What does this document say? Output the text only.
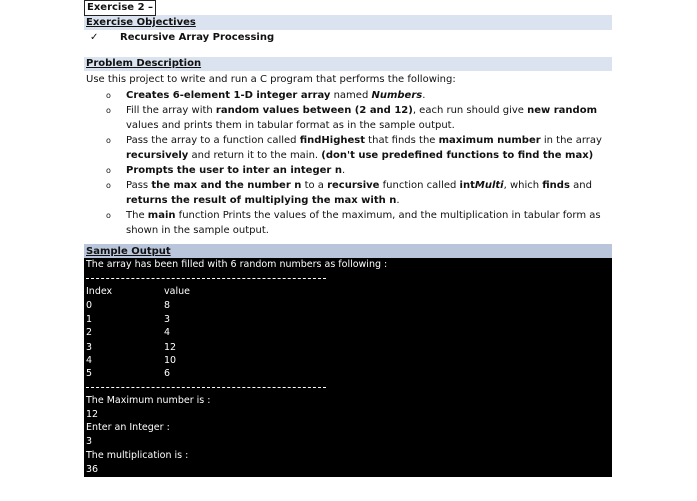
Exercise 2 –
Exercise Objectives
✓ Recursive Array Processing
Problem Description
Use this project to write and run a C program that performs the following:
o	Creates 6-element 1-D integer array named Numbers.
o	Fill the array with random values between (2 and 12), each run should give new random values and prints them in tabular format as in the sample output.
o	Pass the array to a function called findHighest that finds the maximum number in the array recursively and return it to the main. (don't use predefined functions to find the max)
o	Prompts the user to inter an integer n.
o	Pass the max and the number n to a recursive function called intMulti, which finds and returns the result of multiplying the max with n.
o	The main function Prints the values of the maximum, and the multiplication in tabular form as shown in the sample output.
Sample Output
The array has been filled with 6 random numbers as following :
Index	value
0	8
1	3
2	4
3	12
4	10
5	6
The Maximum number is :
12
Enter an Integer :
3
The multiplication is :
36
